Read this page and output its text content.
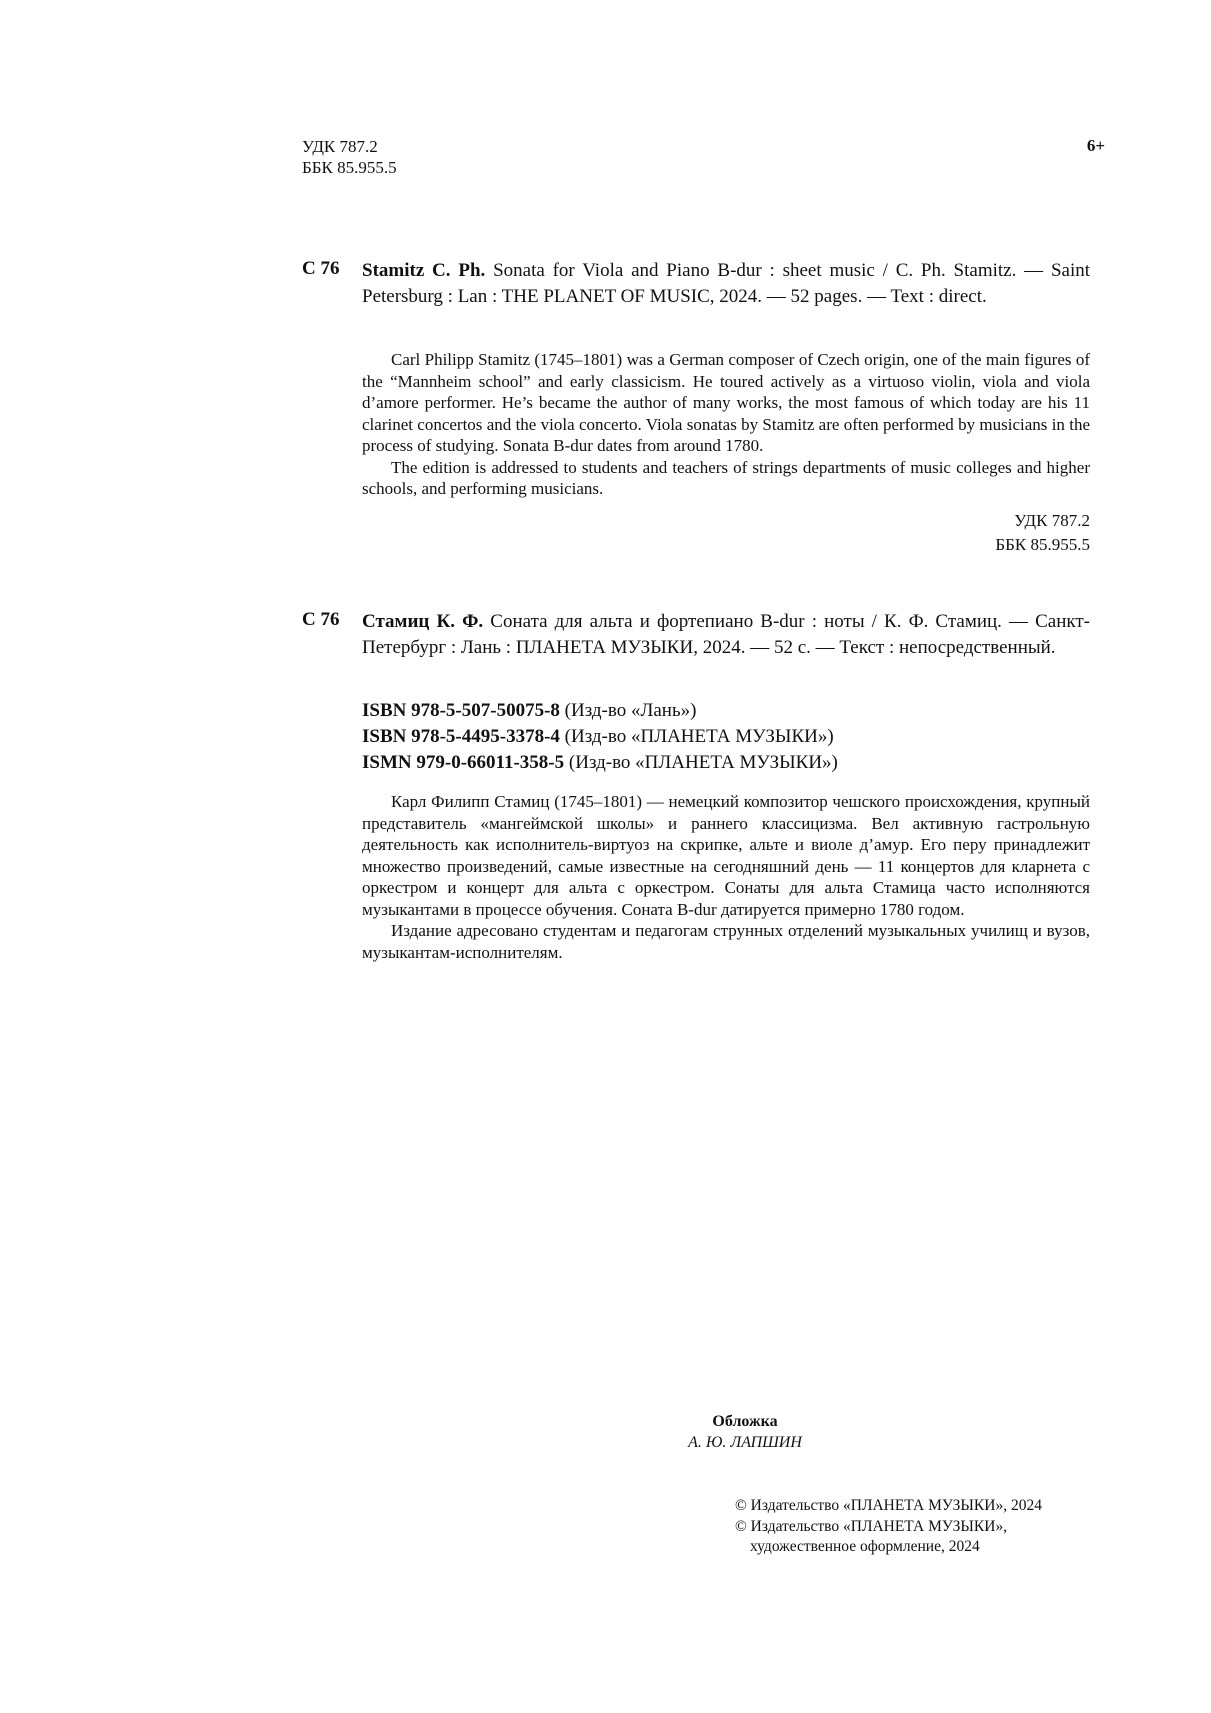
УДК 787.2
ББК 85.955.5
6+
С 76 Stamitz C. Ph. Sonata for Viola and Piano B-dur : sheet music / C. Ph. Stamitz. — Saint Petersburg : Lan : THE PLANET OF MUSIC, 2024. — 52 pages. — Text : direct.

Carl Philipp Stamitz (1745–1801) was a German composer of Czech origin, one of the main figures of the “Mannheim school” and early classicism. He toured actively as a virtuoso violin, viola and viola d’amore performer. He’s became the author of many works, the most famous of which today are his 11 clarinet concertos and the viola concerto. Viola sonatas by Stamitz are often performed by musicians in the process of studying. Sonata B-dur dates from around 1780.

The edition is addressed to students and teachers of strings departments of music colleges and higher schools, and performing musicians.

УДК 787.2
ББК 85.955.5
С 76 Стамиц К. Ф. Соната для альта и фортепиано B-dur : ноты / К. Ф. Стамиц. — Санкт-Петербург : Лань : ПЛАНЕТА МУЗЫКИ, 2024. — 52 с. — Текст : непосредственный.
ISBN 978-5-507-50075-8 (Изд-во «Лань»)
ISBN 978-5-4495-3378-4 (Изд-во «ПЛАНЕТА МУЗЫКИ»)
ISMN 979-0-66011-358-5 (Изд-во «ПЛАНЕТА МУЗЫКИ»)

Карл Филипп Стамиц (1745–1801) — немецкий композитор чешского происхождения, крупный представитель «мангеймской школы» и раннего классицизма. Вел активную гастрольную деятельность как исполнитель-виртуоз на скрипке, альте и виоле д’амур. Его перу принадлежит множество произведений, самые известные на сегодняшний день — 11 концертов для кларнета с оркестром и концерт для альта с оркестром. Сонаты для альта Стамица часто исполняются музыкантами в процессе обучения. Соната B-dur датируется примерно 1780 годом.

Издание адресовано студентам и педагогам струнных отделений музыкальных училищ и вузов, музыкантам-исполнителям.

Обложка
А. Ю. ЛАПШИН
© Издательство «ПЛАНЕТА МУЗЫКИ», 2024
© Издательство «ПЛАНЕТА МУЗЫКИ»,
художественное оформление, 2024
